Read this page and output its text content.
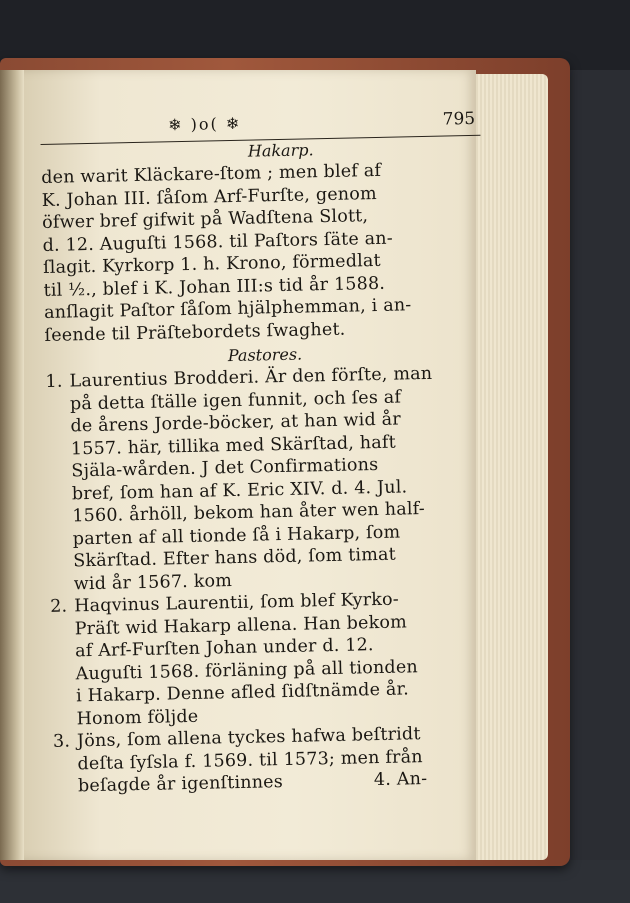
❄ )o( ❄	795
Hakarp.
den warit Kläckare-ſtom ; men blef af
K. Johan III. ſåſom Arf-Furſte, genom
öfwer bref gifwit på Wadſtena Slott,
d. 12. Auguſti 1568. til Paſtors ſäte an-
ſlagit. Kyrkorp 1. h. Krono, förmedlat
til ½., blef i K. Johan III:s tid år 1588.
anſlagit Paſtor ſåſom hjälphemman, i an-
ſeende til Präſtebordets ſwaghet.
Pastores.
1. Laurentius Brodderi. Är den förſte, man
på detta ſtälle igen funnit, och ſes af
de årens Jorde-böcker, at han wid år
1557. här, tillika med Skärſtad, haft
Själa-wården. J det Confirmations
bref, ſom han af K. Eric XIV. d. 4. Jul.
1560. århöll, bekom han åter wen half-
parten af all tionde ſå i Hakarp, ſom
Skärſtad. Efter hans död, ſom timat
wid år 1567. kom
2. Haqvinus Laurentii, ſom blef Kyrko-
Präſt wid Hakarp allena. Han bekom
af Arf-Furſten Johan under d. 12.
Auguſti 1568. förläning på all tionden
i Hakarp. Denne afled ſidſtnämde år.
Honom följde
3. Jöns, ſom allena tyckes hafwa beſtridt
deſta ſyſsla f. 1569. til 1573; men från
beſagde år igenſtinnes	4. An-
